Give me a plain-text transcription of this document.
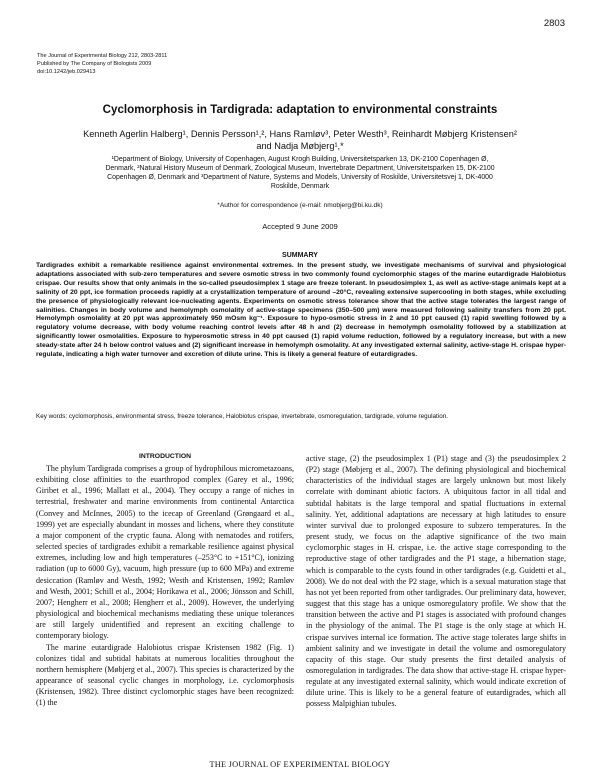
2803
The Journal of Experimental Biology 212, 2803-2811
Published by The Company of Biologists 2009
doi:10.1242/jeb.029413
Cyclomorphosis in Tardigrada: adaptation to environmental constraints
Kenneth Agerlin Halberg¹, Dennis Persson¹,², Hans Ramløv³, Peter Westh³, Reinhardt Møbjerg Kristensen²
and Nadja Møbjerg¹,*
¹Department of Biology, University of Copenhagen, August Krogh Building, Universitetsparken 13, DK-2100 Copenhagen Ø,
Denmark, ²Natural History Museum of Denmark, Zoological Museum, Invertebrate Department, Universitetsparken 15, DK-2100
Copenhagen Ø, Denmark and ³Department of Nature, Systems and Models, University of Roskilde, Universitetsvej 1, DK-4000
Roskilde, Denmark
*Author for correspondence (e-mail: nmobjerg@bi.ku.dk)
Accepted 9 June 2009
SUMMARY
Tardigrades exhibit a remarkable resilience against environmental extremes. In the present study, we investigate mechanisms of survival and physiological adaptations associated with sub-zero temperatures and severe osmotic stress in two commonly found cyclomorphic stages of the marine eutardigrade Halobiotus crispae. Our results show that only animals in the so-called pseudosimplex 1 stage are freeze tolerant. In pseudosimplex 1, as well as active-stage animals kept at a salinity of 20 ppt, ice formation proceeds rapidly at a crystallization temperature of around –20°C, revealing extensive supercooling in both stages, while excluding the presence of physiologically relevant ice-nucleating agents. Experiments on osmotic stress tolerance show that the active stage tolerates the largest range of salinities. Changes in body volume and hemolymph osmolality of active-stage specimens (350–500 μm) were measured following salinity transfers from 20 ppt. Hemolymph osmolality at 20 ppt was approximately 950 mOsm kg⁻¹. Exposure to hypo-osmotic stress in 2 and 10 ppt caused (1) rapid swelling followed by a regulatory volume decrease, with body volume reaching control levels after 48 h and (2) decrease in hemolymph osmolality followed by a stabilization at significantly lower osmolalities. Exposure to hyperosmotic stress in 40 ppt caused (1) rapid volume reduction, followed by a regulatory increase, but with a new steady-state after 24 h below control values and (2) significant increase in hemolymph osmolality. At any investigated external salinity, active-stage H. crispae hyper-regulate, indicating a high water turnover and excretion of dilute urine. This is likely a general feature of eutardigrades.
Key words: cyclomorphosis, environmental stress, freeze tolerance, Halobiotus crispae, invertebrate, osmoregulation, tardigrade, volume regulation.
INTRODUCTION

The phylum Tardigrada comprises a group of hydrophilous micrometazoans, exhibiting close affinities to the euarthropod complex (Garey et al., 1996; Giribet et al., 1996; Mallatt et al., 2004). They occupy a range of niches in terrestrial, freshwater and marine environments from continental Antarctica (Convey and McInnes, 2005) to the icecap of Greenland (Grøngaard et al., 1999) yet are especially abundant in mosses and lichens, where they constitute a major component of the cryptic fauna. Along with nematodes and rotifers, selected species of tardigrades exhibit a remarkable resilience against physical extremes, including low and high temperatures (–253°C to +151°C), ionizing radiation (up to 6000 Gy), vacuum, high pressure (up to 600 MPa) and extreme desiccation (Ramløv and Westh, 1992; Westh and Kristensen, 1992; Ramløv and Westh, 2001; Schill et al., 2004; Horikawa et al., 2006; Jönsson and Schill, 2007; Hengherr et al., 2008; Hengherr et al., 2009). However, the underlying physiological and biochemical mechanisms mediating these unique tolerances are still largely unidentified and represent an exciting challenge to contemporary biology.

The marine eutardigrade Halobiotus crispae Kristensen 1982 (Fig. 1) colonizes tidal and subtidal habitats at numerous localities throughout the northern hemisphere (Møbjerg et al., 2007). This species is characterized by the appearance of seasonal cyclic changes in morphology, i.e. cyclomorphosis (Kristensen, 1982). Three distinct cyclomorphic stages have been recognized: (1) the

active stage, (2) the pseudosimplex 1 (P1) stage and (3) the pseudosimplex 2 (P2) stage (Møbjerg et al., 2007). The defining physiological and biochemical characteristics of the individual stages are largely unknown but most likely correlate with dominant abiotic factors. A ubiquitous factor in all tidal and subtidal habitats is the large temporal and spatial fluctuations in external salinity. Yet, additional adaptations are necessary at high latitudes to ensure winter survival due to prolonged exposure to subzero temperatures. In the present study, we focus on the adaptive significance of the two main cyclomorphic stages in H. crispae, i.e. the active stage corresponding to the reproductive stage of other tardigrades and the P1 stage, a hibernation stage, which is comparable to the cysts found in other tardigrades (e.g. Guidetti et al., 2008). We do not deal with the P2 stage, which is a sexual maturation stage that has not yet been reported from other tardigrades. Our preliminary data, however, suggest that this stage has a unique osmoregulatory profile. We show that the transition between the active and P1 stages is associated with profound changes in the physiology of the animal. The P1 stage is the only stage at which H. crispae survives internal ice formation. The active stage tolerates large shifts in ambient salinity and we investigate in detail the volume and osmoregulatory capacity of this stage. Our study presents the first detailed analysis of osmoregulation in tardigrades. The data show that active-stage H. crispae hyper-regulate at any investigated external salinity, which would indicate excretion of dilute urine. This is likely to be a general feature of eutardigrades, which all possess Malpighian tubules.

THE JOURNAL OF EXPERIMENTAL BIOLOGY
